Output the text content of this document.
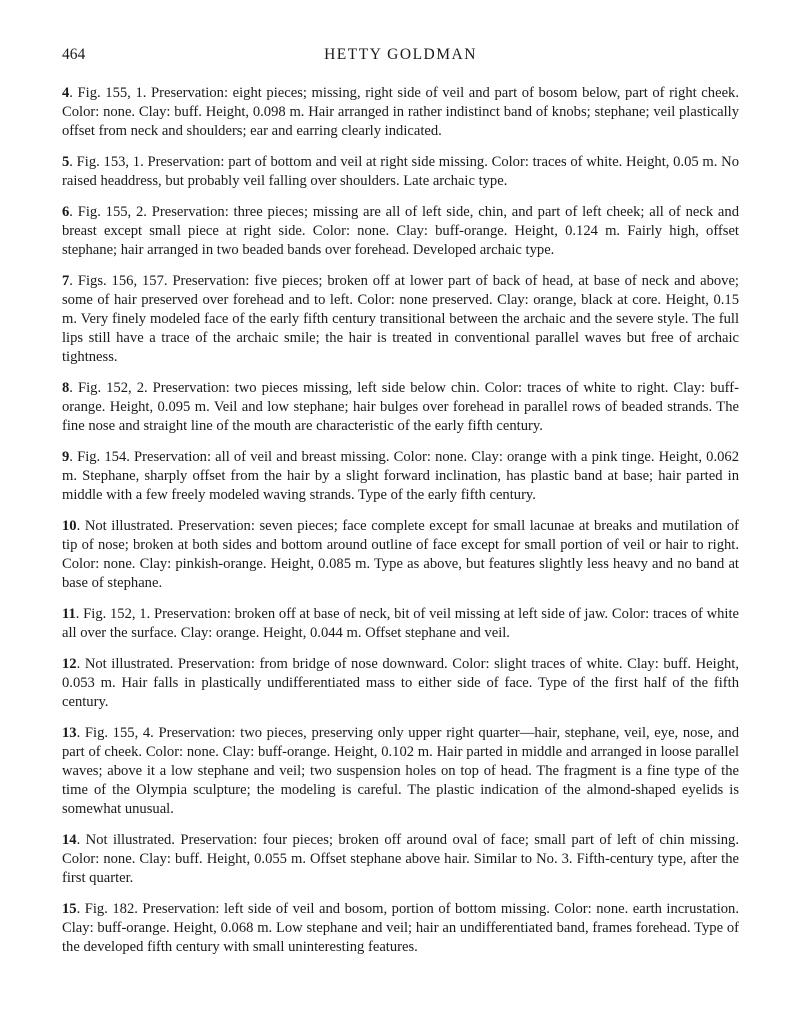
464	HETTY GOLDMAN

4. Fig. 155, 1. Preservation: eight pieces; missing, right side of veil and part of bosom below, part of right cheek. Color: none. Clay: buff. Height, 0.098 m. Hair arranged in rather indistinct band of knobs; stephane; veil plastically offset from neck and shoulders; ear and earring clearly indicated.

5. Fig. 153, 1. Preservation: part of bottom and veil at right side missing. Color: traces of white. Height, 0.05 m. No raised headdress, but probably veil falling over shoulders. Late archaic type.

6. Fig. 155, 2. Preservation: three pieces; missing are all of left side, chin, and part of left cheek; all of neck and breast except small piece at right side. Color: none. Clay: buff-orange. Height, 0.124 m. Fairly high, offset stephane; hair arranged in two beaded bands over forehead. Developed archaic type.

7. Figs. 156, 157. Preservation: five pieces; broken off at lower part of back of head, at base of neck and above; some of hair preserved over forehead and to left. Color: none preserved. Clay: orange, black at core. Height, 0.15 m. Very finely modeled face of the early fifth century transitional between the archaic and the severe style. The full lips still have a trace of the archaic smile; the hair is treated in conventional parallel waves but free of archaic tightness.

8. Fig. 152, 2. Preservation: two pieces missing, left side below chin. Color: traces of white to right. Clay: buff-orange. Height, 0.095 m. Veil and low stephane; hair bulges over forehead in parallel rows of beaded strands. The fine nose and straight line of the mouth are characteristic of the early fifth century.

9. Fig. 154. Preservation: all of veil and breast missing. Color: none. Clay: orange with a pink tinge. Height, 0.062 m. Stephane, sharply offset from the hair by a slight forward inclination, has plastic band at base; hair parted in middle with a few freely modeled waving strands. Type of the early fifth century.

10. Not illustrated. Preservation: seven pieces; face complete except for small lacunae at breaks and mutilation of tip of nose; broken at both sides and bottom around outline of face except for small portion of veil or hair to right. Color: none. Clay: pinkish-orange. Height, 0.085 m. Type as above, but features slightly less heavy and no band at base of stephane.

11. Fig. 152, 1. Preservation: broken off at base of neck, bit of veil missing at left side of jaw. Color: traces of white all over the surface. Clay: orange. Height, 0.044 m. Offset stephane and veil.

12. Not illustrated. Preservation: from bridge of nose downward. Color: slight traces of white. Clay: buff. Height, 0.053 m. Hair falls in plastically undifferentiated mass to either side of face. Type of the first half of the fifth century.

13. Fig. 155, 4. Preservation: two pieces, preserving only upper right quarter—hair, stephane, veil, eye, nose, and part of cheek. Color: none. Clay: buff-orange. Height, 0.102 m. Hair parted in middle and arranged in loose parallel waves; above it a low stephane and veil; two suspension holes on top of head. The fragment is a fine type of the time of the Olympia sculpture; the modeling is careful. The plastic indication of the almond-shaped eyelids is somewhat unusual.

14. Not illustrated. Preservation: four pieces; broken off around oval of face; small part of left of chin missing. Color: none. Clay: buff. Height, 0.055 m. Offset stephane above hair. Similar to No. 3. Fifth-century type, after the first quarter.

15. Fig. 182. Preservation: left side of veil and bosom, portion of bottom missing. Color: none. earth incrustation. Clay: buff-orange. Height, 0.068 m. Low stephane and veil; hair an undifferentiated band, frames forehead. Type of the developed fifth century with small uninteresting features.
